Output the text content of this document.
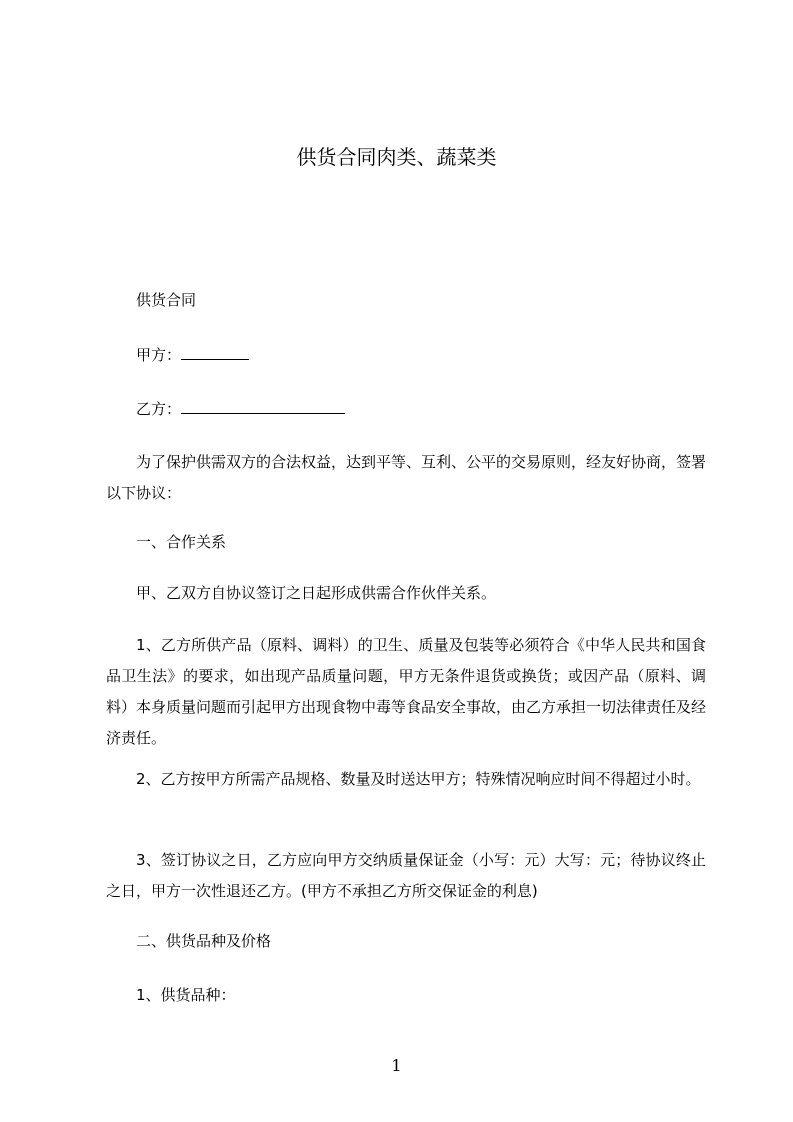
供货合同肉类、蔬菜类
供货合同
甲方：
乙方：
为了保护供需双方的合法权益，达到平等、互利、公平的交易原则，经友好协商，签署以下协议：
一、合作关系
甲、乙双方自协议签订之日起形成供需合作伙伴关系。
1、乙方所供产品（原料、调料）的卫生、质量及包装等必须符合《中华人民共和国食品卫生法》的要求，如出现产品质量问题，甲方无条件退货或换货；或因产品（原料、调料）本身质量问题而引起甲方出现食物中毒等食品安全事故，由乙方承担一切法律责任及经济责任。
2、乙方按甲方所需产品规格、数量及时送达甲方；特殊情况响应时间不得超过小时。
3、签订协议之日，乙方应向甲方交纳质量保证金（小写：元）大写：元；待协议终止之日，甲方一次性退还乙方。(甲方不承担乙方所交保证金的利息)
二、供货品种及价格
1、供货品种：
1
